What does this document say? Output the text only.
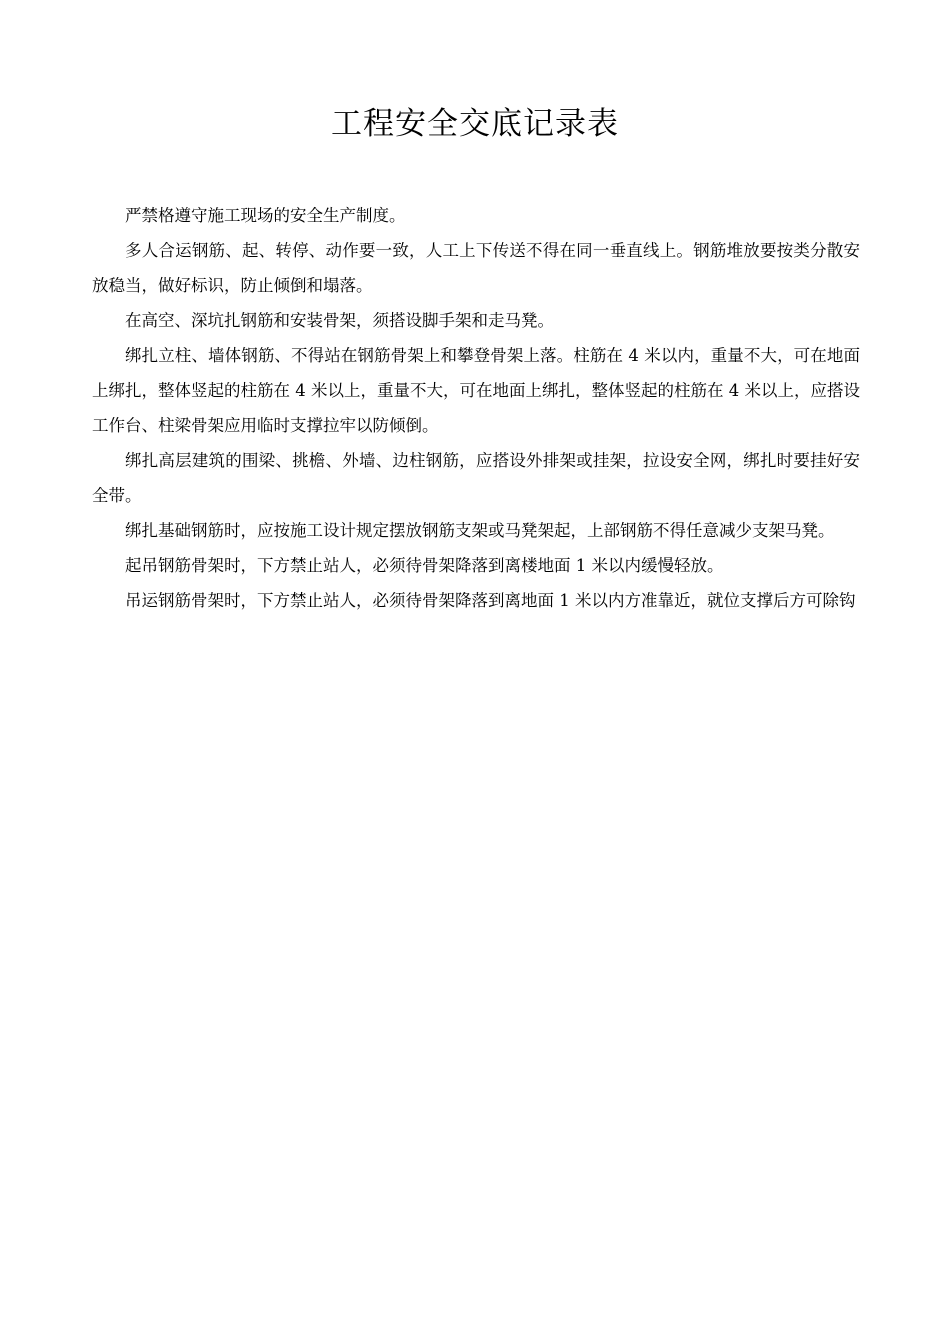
工程安全交底记录表

严禁格遵守施工现场的安全生产制度。

多人合运钢筋、起、转停、动作要一致，人工上下传送不得在同一垂直线上。钢筋堆放要按类分散安放稳当，做好标识，防止倾倒和塌落。

在高空、深坑扎钢筋和安装骨架，须搭设脚手架和走马凳。

绑扎立柱、墙体钢筋、不得站在钢筋骨架上和攀登骨架上落。柱筋在 4 米以内，重量不大，可在地面上绑扎，整体竖起的柱筋在 4 米以上，重量不大，可在地面上绑扎，整体竖起的柱筋在 4 米以上，应搭设工作台、柱梁骨架应用临时支撑拉牢以防倾倒。

绑扎高层建筑的围梁、挑檐、外墙、边柱钢筋，应搭设外排架或挂架，拉设安全网，绑扎时要挂好安全带。

绑扎基础钢筋时，应按施工设计规定摆放钢筋支架或马凳架起，上部钢筋不得任意减少支架马凳。

起吊钢筋骨架时，下方禁止站人，必须待骨架降落到离楼地面 1 米以内缓慢轻放。

吊运钢筋骨架时，下方禁止站人，必须待骨架降落到离地面 1 米以内方准靠近，就位支撑后方可除钩
